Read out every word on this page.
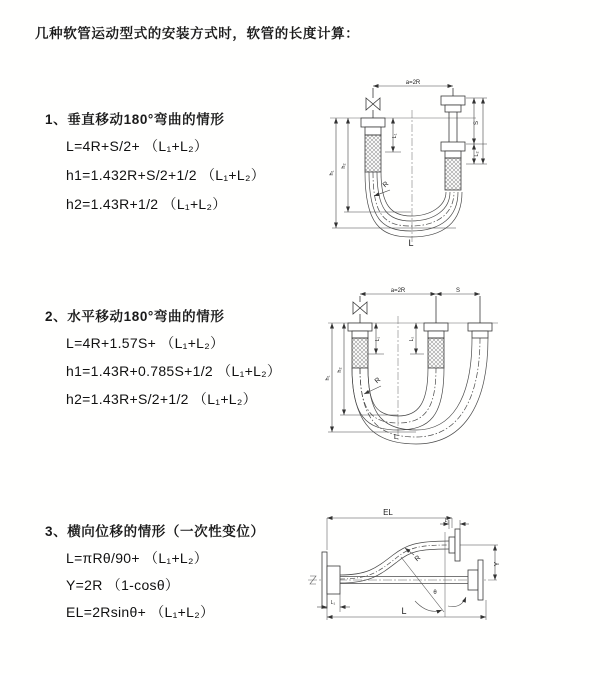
几种软管运动型式的安装方式时，软管的长度计算：
1、垂直移动180°弯曲的情形
L=4R+S/2+ （L₁+L₂）
h1=1.432R+S/2+1/2 （L₁+L₂）
h2=1.43R+1/2 （L₁+L₂）
a=2R
L₁
S
L₂
h₁
h₂
R
L
2、水平移动180°弯曲的情形
L=4R+1.57S+ （L₁+L₂）
h1=1.43R+0.785S+1/2 （L₁+L₂）
h2=1.43R+S/2+1/2 （L₁+L₂）
a=2R	S
L₁	L₂
h₁
h₂
R
L
3、横向位移的情形（一次性变位）
L=πRθ/90+ （L₁+L₂）
Y=2R （1-cosθ）
EL=2Rsinθ+ （L₁+L₂）
EL
L₂
Y
R
θ
L₁
L
